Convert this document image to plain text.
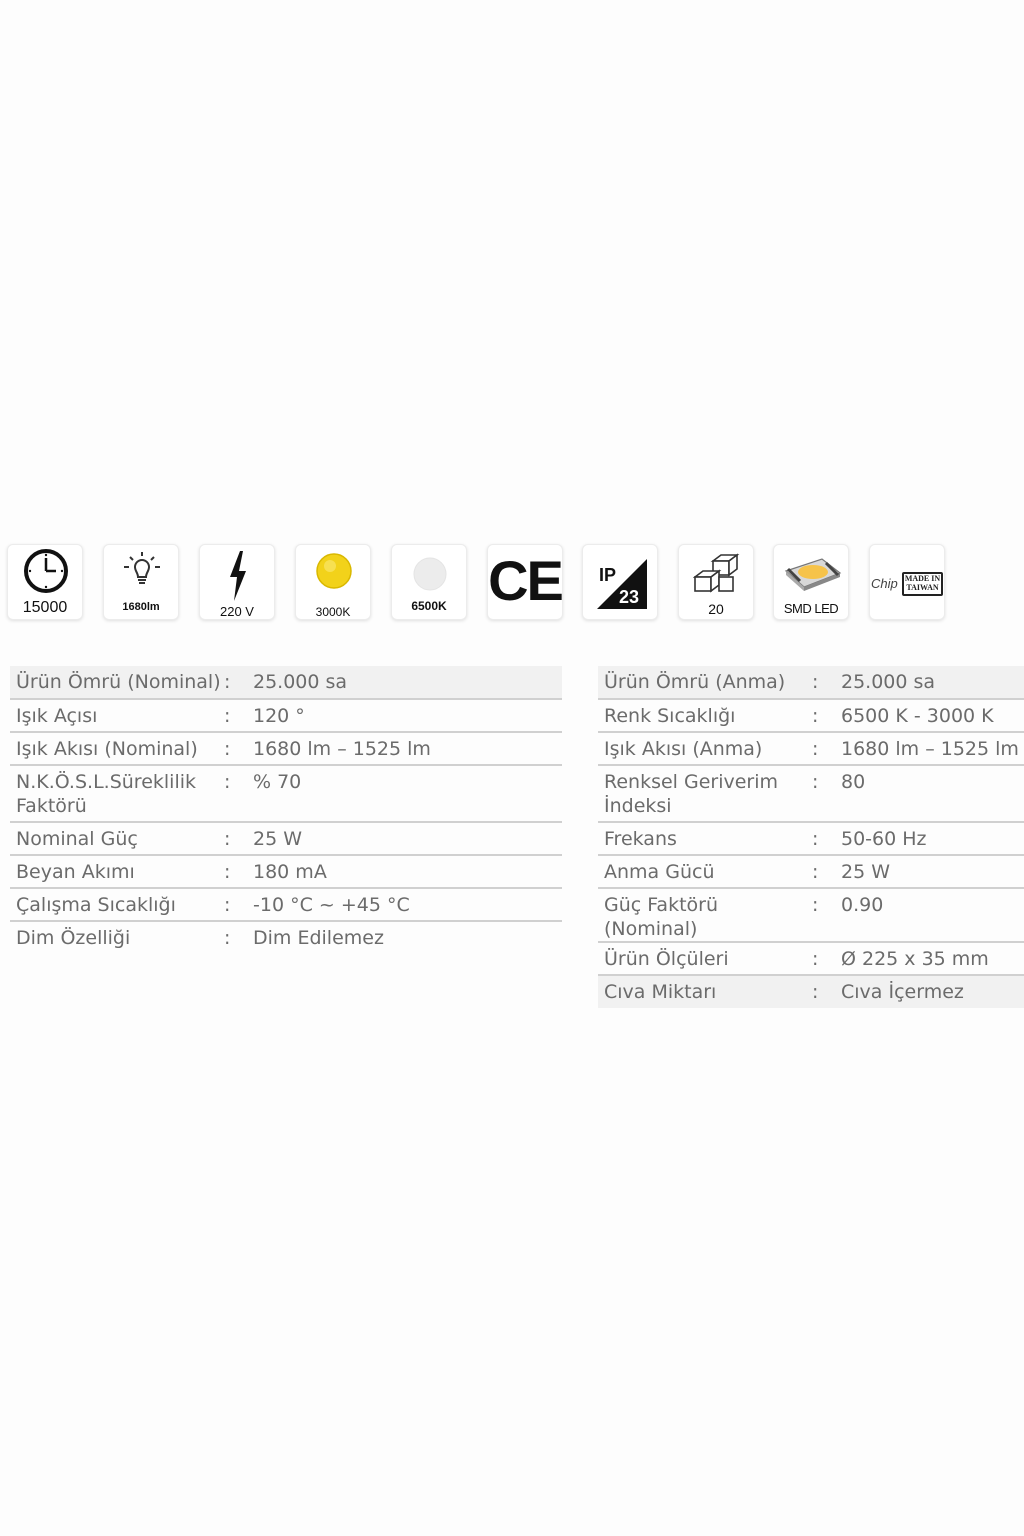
15000	1680lm	220 V	3000K	6500K CE IP
23
20	SMD LED
Chip MADE IN TAIWAN
Ürün Ömrü (Nominal)	:	25.000 sa
Işık Açısı	:	120 °
Işık Akısı (Nominal)	:	1680 lm – 1525 lm
N.K.Ö.S.L.Süreklilik Faktörü	:	% 70
Nominal Güç	:	25 W
Beyan Akımı	:	180 mA
Çalışma Sıcaklığı	:	-10 °C ~ +45 °C
Dim Özelliği	:	Dim Edilemez
Ürün Ömrü (Anma)	:	25.000 sa
Renk Sıcaklığı	:	6500 K - 3000 K
Işık Akısı (Anma)	:	1680 lm – 1525 lm
Renksel Geriverim İndeksi	:	80
Frekans	:	50-60 Hz
Anma Gücü	:	25 W
Güç Faktörü (Nominal)	:	0.90
Ürün Ölçüleri	:	Ø 225 x 35 mm
Cıva Miktarı	:	Cıva İçermez
